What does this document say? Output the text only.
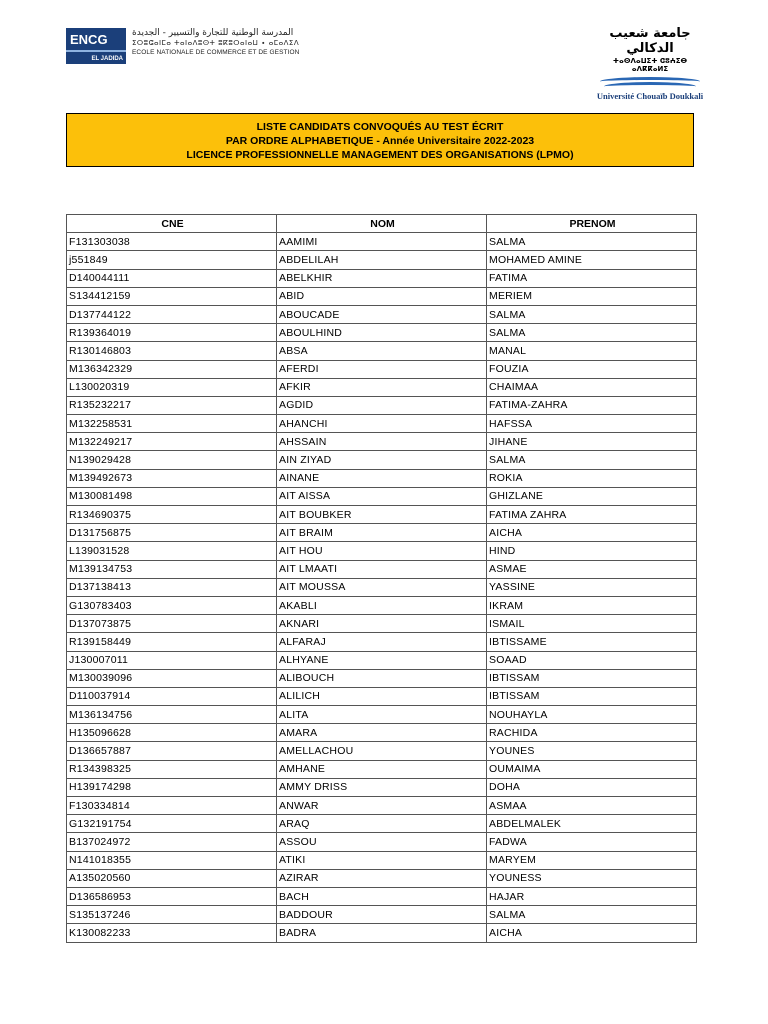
ENCG
EL JADIDA
المدرسة الوطنية للتجارة والتسيير - الجديدة
ⵉⵔⵓⵛⴰⵏⵎⴰ ⵜⴰⵏⴰⴷⵓⵙⵜ ⵓⴽⵓⵔⴰⵏⴰⵡ ∙ ⴰⵎⴰⴷⵉⴷ
ECOLE NATIONALE DE COMMERCE ET DE GESTION
جامعة شعيب الدكالي
ⵜⴰⵙⴷⴰⵡⵉⵜ ⵛⵓⵄⵉⴱ ⴰⴷⴽⴽⴰⵍⵉ
Université Chouaïb Doukkali
LISTE CANDIDATS CONVOQUÉS AU TEST ÉCRIT
PAR ORDRE ALPHABETIQUE - Année Universitaire 2022-2023
LICENCE PROFESSIONNELLE MANAGEMENT DES ORGANISATIONS (LPMO)
CNE	NOM	PRENOM
F131303038	AAMIMI	SALMA
j551849	ABDELILAH	MOHAMED AMINE
D140044111	ABELKHIR	FATIMA
S134412159	ABID	MERIEM
D137744122	ABOUCADE	SALMA
R139364019	ABOULHIND	SALMA
R130146803	ABSA	MANAL
M136342329	AFERDI	FOUZIA
L130020319	AFKIR	CHAIMAA
R135232217	AGDID	FATIMA-ZAHRA
M132258531	AHANCHI	HAFSSA
M132249217	AHSSAIN	JIHANE
N139029428	AIN ZIYAD	SALMA
M139492673	AINANE	ROKIA
M130081498	AIT AISSA	GHIZLANE
R134690375	AIT BOUBKER	FATIMA ZAHRA
D131756875	AIT BRAIM	AICHA
L139031528	AIT HOU	HIND
M139134753	AIT LMAATI	ASMAE
D137138413	AIT MOUSSA	YASSINE
G130783403	AKABLI	IKRAM
D137073875	AKNARI	ISMAIL
R139158449	ALFARAJ	IBTISSAME
J130007011	ALHYANE	SOAAD
M130039096	ALIBOUCH	IBTISSAM
D110037914	ALILICH	IBTISSAM
M136134756	ALITA	NOUHAYLA
H135096628	AMARA	RACHIDA
D136657887	AMELLACHOU	YOUNES
R134398325	AMHANE	OUMAIMA
H139174298	AMMY DRISS	DOHA
F130334814	ANWAR	ASMAA
G132191754	ARAQ	ABDELMALEK
B137024972	ASSOU	FADWA
N141018355	ATIKI	MARYEM
A135020560	AZIRAR	YOUNESS
D136586953	BACH	HAJAR
S135137246	BADDOUR	SALMA
K130082233	BADRA	AICHA
